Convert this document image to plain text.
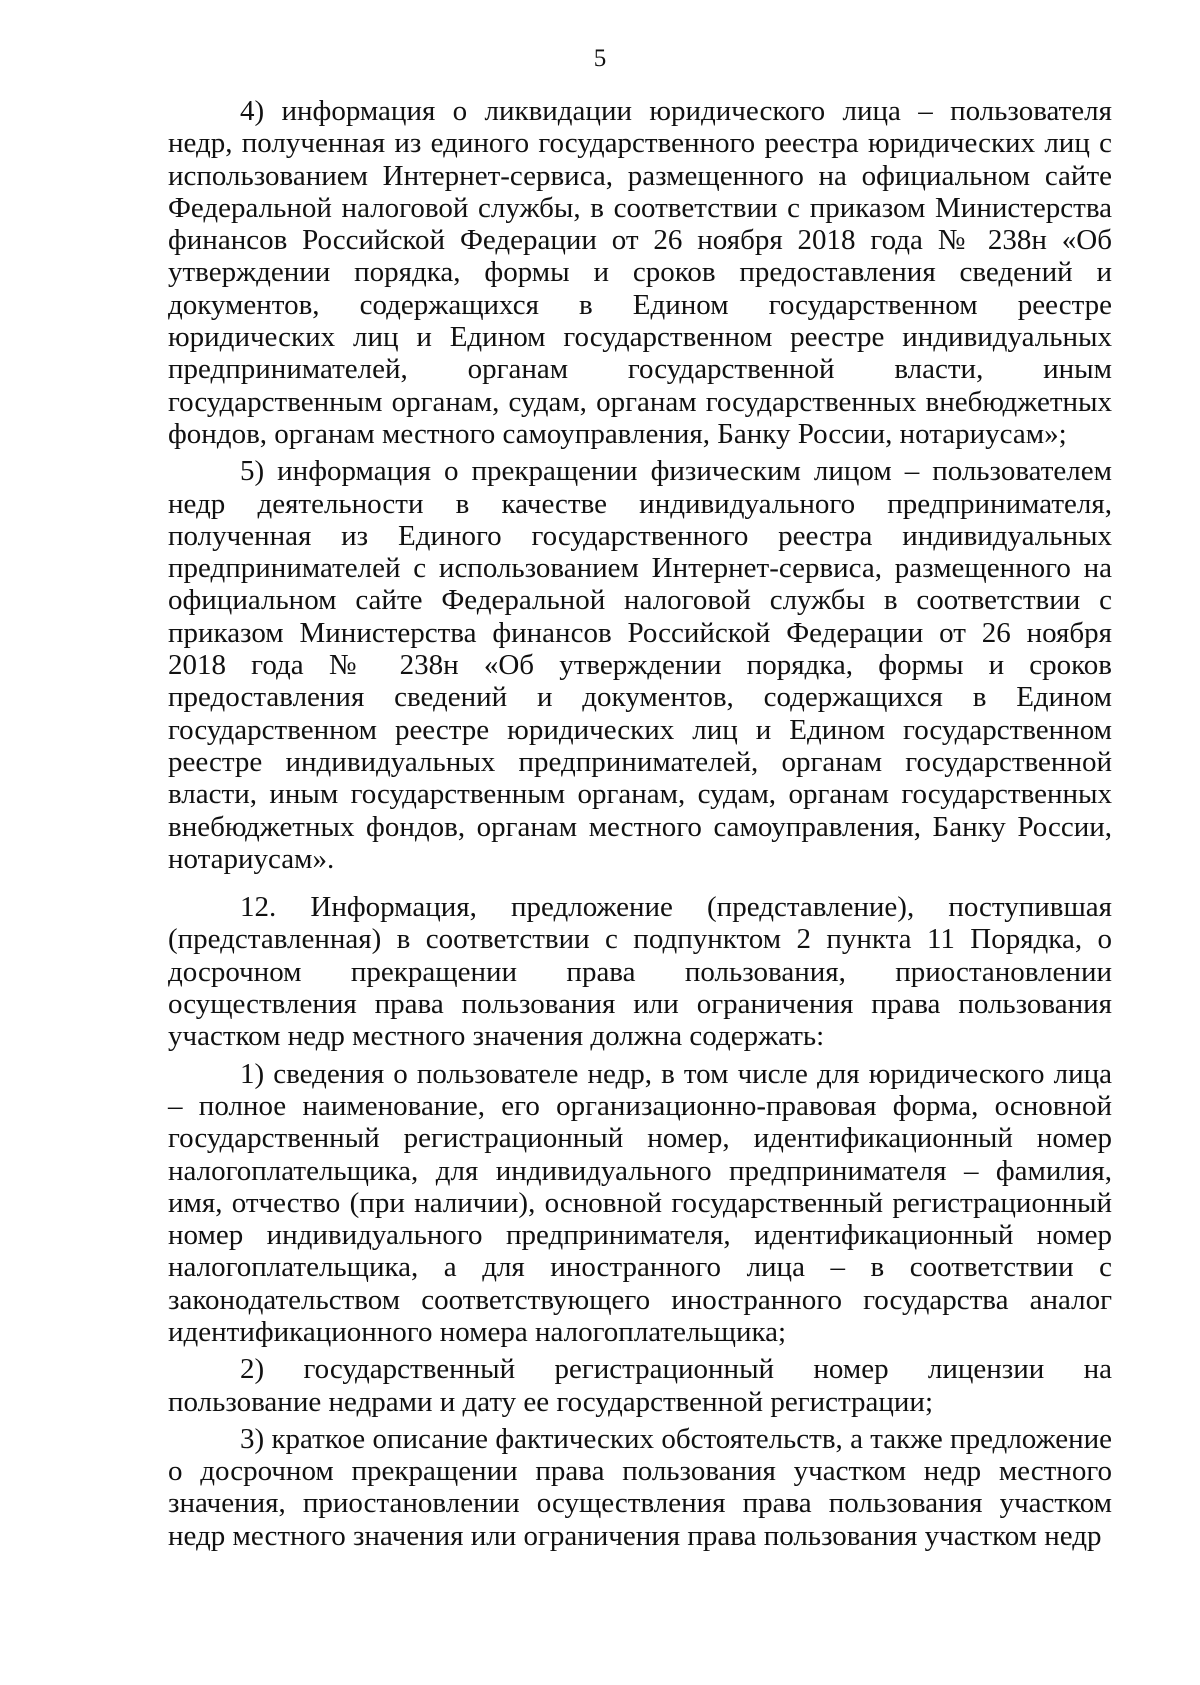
5

4) информация о ликвидации юридического лица – пользователя недр, полученная из единого государственного реестра юридических лиц с использованием Интернет-сервиса, размещенного на официальном сайте Федеральной налоговой службы, в соответствии с приказом Министерства финансов Российской Федерации от 26 ноября 2018 года № 238н «Об утверждении порядка, формы и сроков предоставления сведений и документов, содержащихся в Едином государственном реестре юридических лиц и Едином государственном реестре индивидуальных предпринимателей, органам государственной власти, иным государственным органам, судам, органам государственных внебюджетных фондов, органам местного самоуправления, Банку России, нотариусам»;

5) информация о прекращении физическим лицом – пользователем недр деятельности в качестве индивидуального предпринимателя, полученная из Единого государственного реестра индивидуальных предпринимателей с использованием Интернет-сервиса, размещенного на официальном сайте Федеральной налоговой службы в соответствии с приказом Министерства финансов Российской Федерации от 26 ноября 2018 года № 238н «Об утверждении порядка, формы и сроков предоставления сведений и документов, содержащихся в Едином государственном реестре юридических лиц и Едином государственном реестре индивидуальных предпринимателей, органам государственной власти, иным государственным органам, судам, органам государственных внебюджетных фондов, органам местного самоуправления, Банку России, нотариусам».

12. Информация, предложение (представление), поступившая (представленная) в соответствии с подпунктом 2 пункта 11 Порядка, о досрочном прекращении права пользования, приостановлении осуществления права пользования или ограничения права пользования участком недр местного значения должна содержать:

1) сведения о пользователе недр, в том числе для юридического лица – полное наименование, его организационно-правовая форма, основной государственный регистрационный номер, идентификационный номер налогоплательщика, для индивидуального предпринимателя – фамилия, имя, отчество (при наличии), основной государственный регистрационный номер индивидуального предпринимателя, идентификационный номер налогоплательщика, а для иностранного лица – в соответствии с законодательством соответствующего иностранного государства аналог идентификационного номера налогоплательщика;

2) государственный регистрационный номер лицензии на пользование недрами и дату ее государственной регистрации;

3) краткое описание фактических обстоятельств, а также предложение о досрочном прекращении права пользования участком недр местного значения, приостановлении осуществления права пользования участком недр местного значения или ограничения права пользования участком недр
